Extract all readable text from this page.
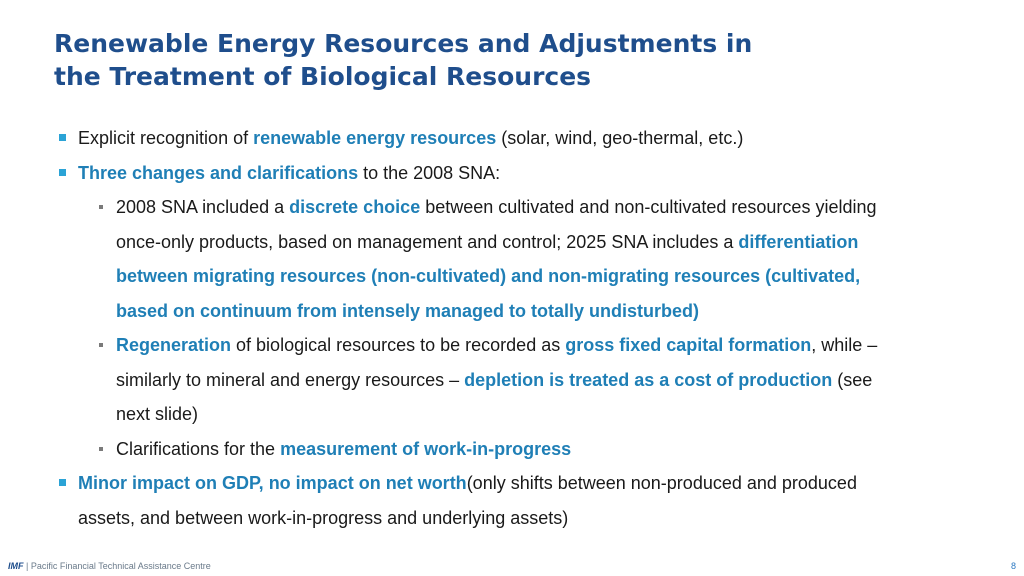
Renewable Energy Resources and Adjustments in
the Treatment of Biological Resources
Explicit recognition of renewable energy resources (solar, wind, geo-thermal, etc.)
Three changes and clarifications to the 2008 SNA:
2008 SNA included a discrete choice between cultivated and non-cultivated resources yielding
once-only products, based on management and control; 2025 SNA includes a differentiation
between migrating resources (non-cultivated) and non-migrating resources (cultivated,
based on continuum from intensely managed to totally undisturbed)
Regeneration of biological resources to be recorded as gross fixed capital formation, while –
similarly to mineral and energy resources – depletion is treated as a cost of production (see
next slide)
Clarifications for the measurement of work-in-progress
Minor impact on GDP, no impact on net worth(only shifts between non-produced and produced
assets, and between work-in-progress and underlying assets)
IMF | Pacific Financial Technical Assistance Centre	8
